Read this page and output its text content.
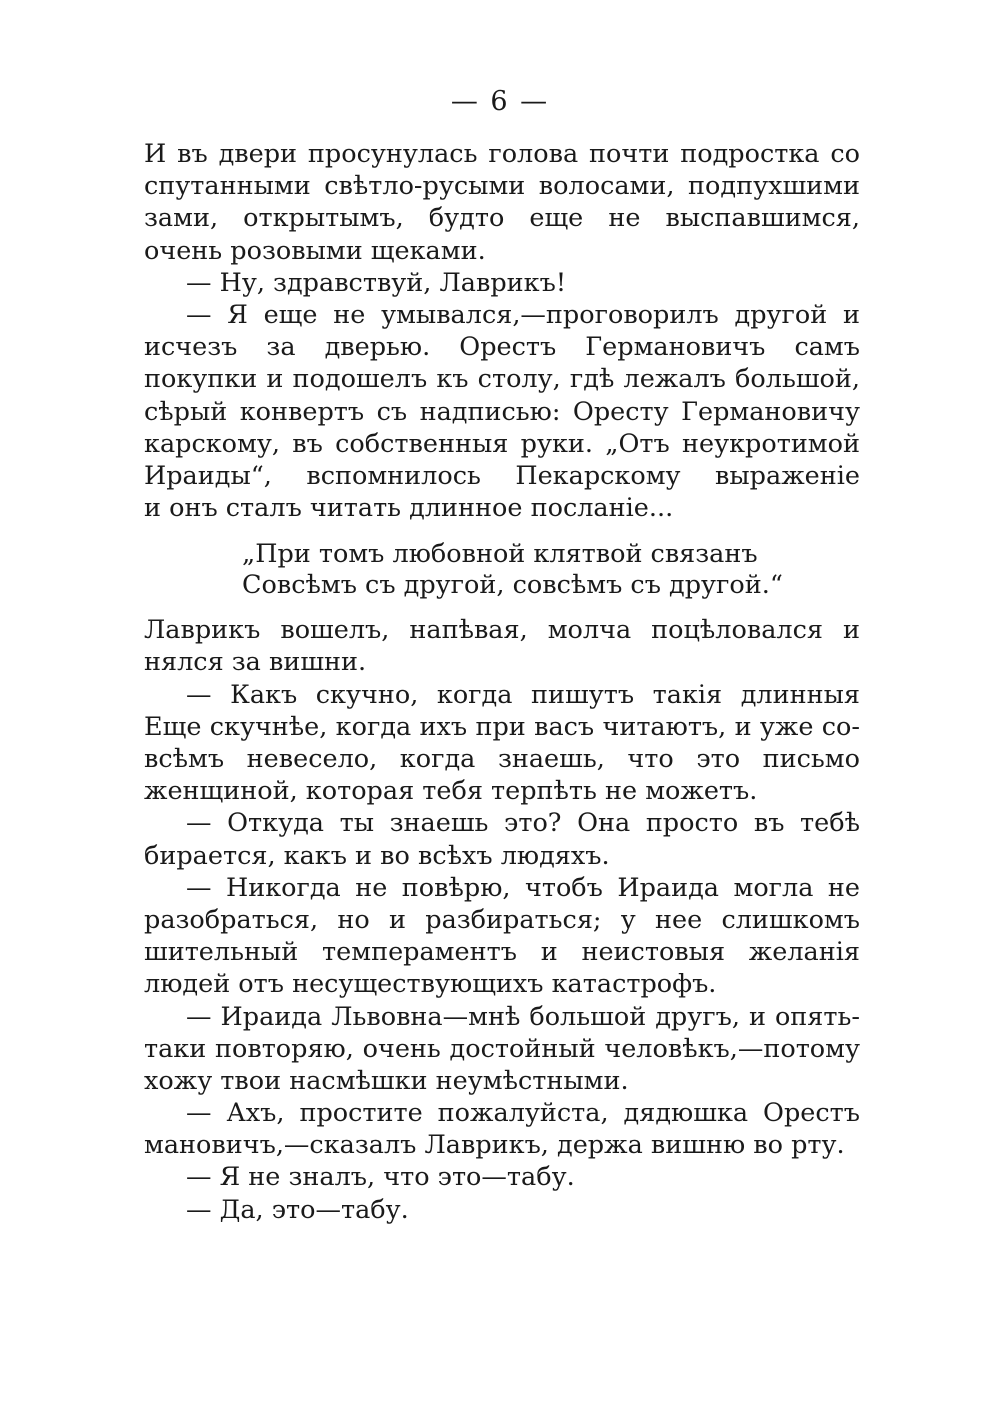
— 6 —
И въ двери просунулась голова почти подростка со
спутанными свѣтло-русыми волосами, подпухшими
зами, открытымъ, будто еще не выспавшимся,
очень розовыми щеками.
— Ну, здравствуй, Лаврикъ!
— Я еще не умывался,—проговорилъ другой и
исчезъ за дверью. Орестъ Германовичъ самъ
покупки и подошелъ къ столу, гдѣ лежалъ большой,
сѣрый конвертъ съ надписью: Оресту Германовичу
карскому, въ собственныя руки. „Отъ неукротимой
Ираиды“, вспомнилось Пекарскому выраженіе
и онъ сталъ читать длинное посланіе...
„При томъ любовной клятвой связанъ
Совсѣмъ съ другой, совсѣмъ съ другой.“
Лаврикъ вошелъ, напѣвая, молча поцѣловался и
нялся за вишни.
— Какъ скучно, когда пишутъ такія длинныя
Еще скучнѣе, когда ихъ при васъ читаютъ, и уже со-
всѣмъ невесело, когда знаешь, что это письмо
женщиной, которая тебя терпѣть не можетъ.
— Откуда ты знаешь это? Она просто въ тебѣ
бирается, какъ и во всѣхъ людяхъ.
— Никогда не повѣрю, чтобъ Ираида могла не
разобраться, но и разбираться; у нее слишкомъ
шительный темпераментъ и неистовыя желанія
людей отъ несуществующихъ катастрофъ.
— Ираида Львовна—мнѣ большой другъ, и опять-
таки повторяю, очень достойный человѣкъ,—потому
хожу твои насмѣшки неумѣстными.
— Ахъ, простите пожалуйста, дядюшка Орестъ
мановичъ,—сказалъ Лаврикъ, держа вишню во рту.
— Я не зналъ, что это—табу.
— Да, это—табу.
